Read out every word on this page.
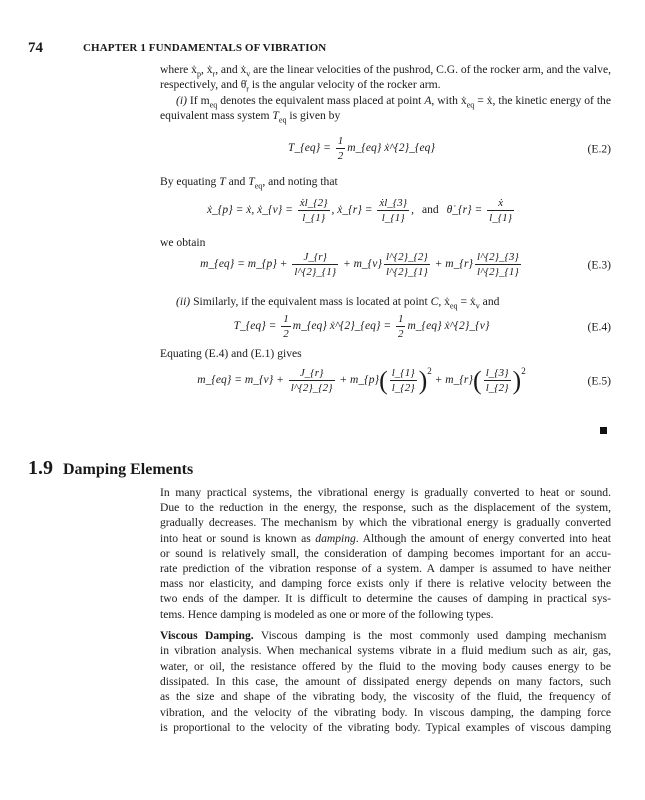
74	CHAPTER 1 FUNDAMENTALS OF VIBRATION
where ẋ$_p$, ẋ$_r$, and ẋ$_v$ are the linear velocities of the pushrod, C.G. of the rocker arm, and the valve,
respectively, and $\thetȧ_r$ is the angular velocity of the rocker arm.
(i) If $m_{eq}$ denotes the equivalent mass placed at point A, with ẋ$_{eq}$ = ẋ, the kinetic energy of the
equivalent mass system $T_{eq}$ is given by
By equating T and $T_{eq}$, and noting that
we obtain
(ii) Similarly, if the equivalent mass is located at point C, ẋ$_{eq}$ = ẋ$_v$ and
Equating (E.4) and (E.1) gives
T_{eq} = $\frac{1}{2}$ m_{eq} ẋ^{2}_{eq}	(E.2)
ẋ_{p} = ẋ, ẋ_{v} = $\frac{\text{ẋl\_\{2\}}}{l\_\{1\}}$ , ẋ_{r} = $\frac{\text{ẋl\_\{3\}}}{l\_\{1\}}$ , and θ̇_{r} = $\frac{\text{ẋ}}{l\_\{1\}}$
m_{eq} = m_{p} + $\frac{J\_\{r\}}{l\^{}\{2\}\_\{1\}}$ + m_{v} $\frac{l\^{}\{2\}\_\{2\}}{l\^{}\{2\}\_\{1\}}$ + m_{r} $\frac{l\^{}\{2\}\_\{3\}}{l\^{}\{2\}\_\{1\}}$	(E.3)
T_{eq} = $\frac{1}{2}$ m_{eq} ẋ^{2}_{eq} = $\frac{1}{2}$ m_{eq} ẋ^{2}_{v}	(E.4)
m_{eq} = m_{v} + $\frac{J\_\{r\}}{l\^{}\{2\}\_\{2\}}$ + m_{p} ( $\frac{l\_\{1\}}{l\_\{2\}}$ ) 2
+ m_{r} ( $\frac{l\_\{3\}}{l\_\{2\}}$ ) 2
(E.5)
In many practical systems, the vibrational energy is gradually converted to heat or sound.
Due to the reduction in the energy, the response, such as the displacement of the system,
gradually decreases. The mechanism by which the vibrational energy is gradually converted
into heat or sound is known as damping. Although the amount of energy converted into heat
or sound is relatively small, the consideration of damping becomes important for an accu-
rate prediction of the vibration response of a system. A damper is assumed to have neither
mass nor elasticity, and damping force exists only if there is relative velocity between the
two ends of the damper. It is difficult to determine the causes of damping in practical sys-
tems. Hence damping is modeled as one or more of the following types.
Viscous Damping. Viscous damping is the most commonly used damping mechanism
in vibration analysis. When mechanical systems vibrate in a fluid medium such as air, gas,
water, or oil, the resistance offered by the fluid to the moving body causes energy to be
dissipated. In this case, the amount of dissipated energy depends on many factors, such
as the size and shape of the vibrating body, the viscosity of the fluid, the frequency of
vibration, and the velocity of the vibrating body. In viscous damping, the damping force
is proportional to the velocity of the vibrating body. Typical examples of viscous damping
1.9 Damping Elements
